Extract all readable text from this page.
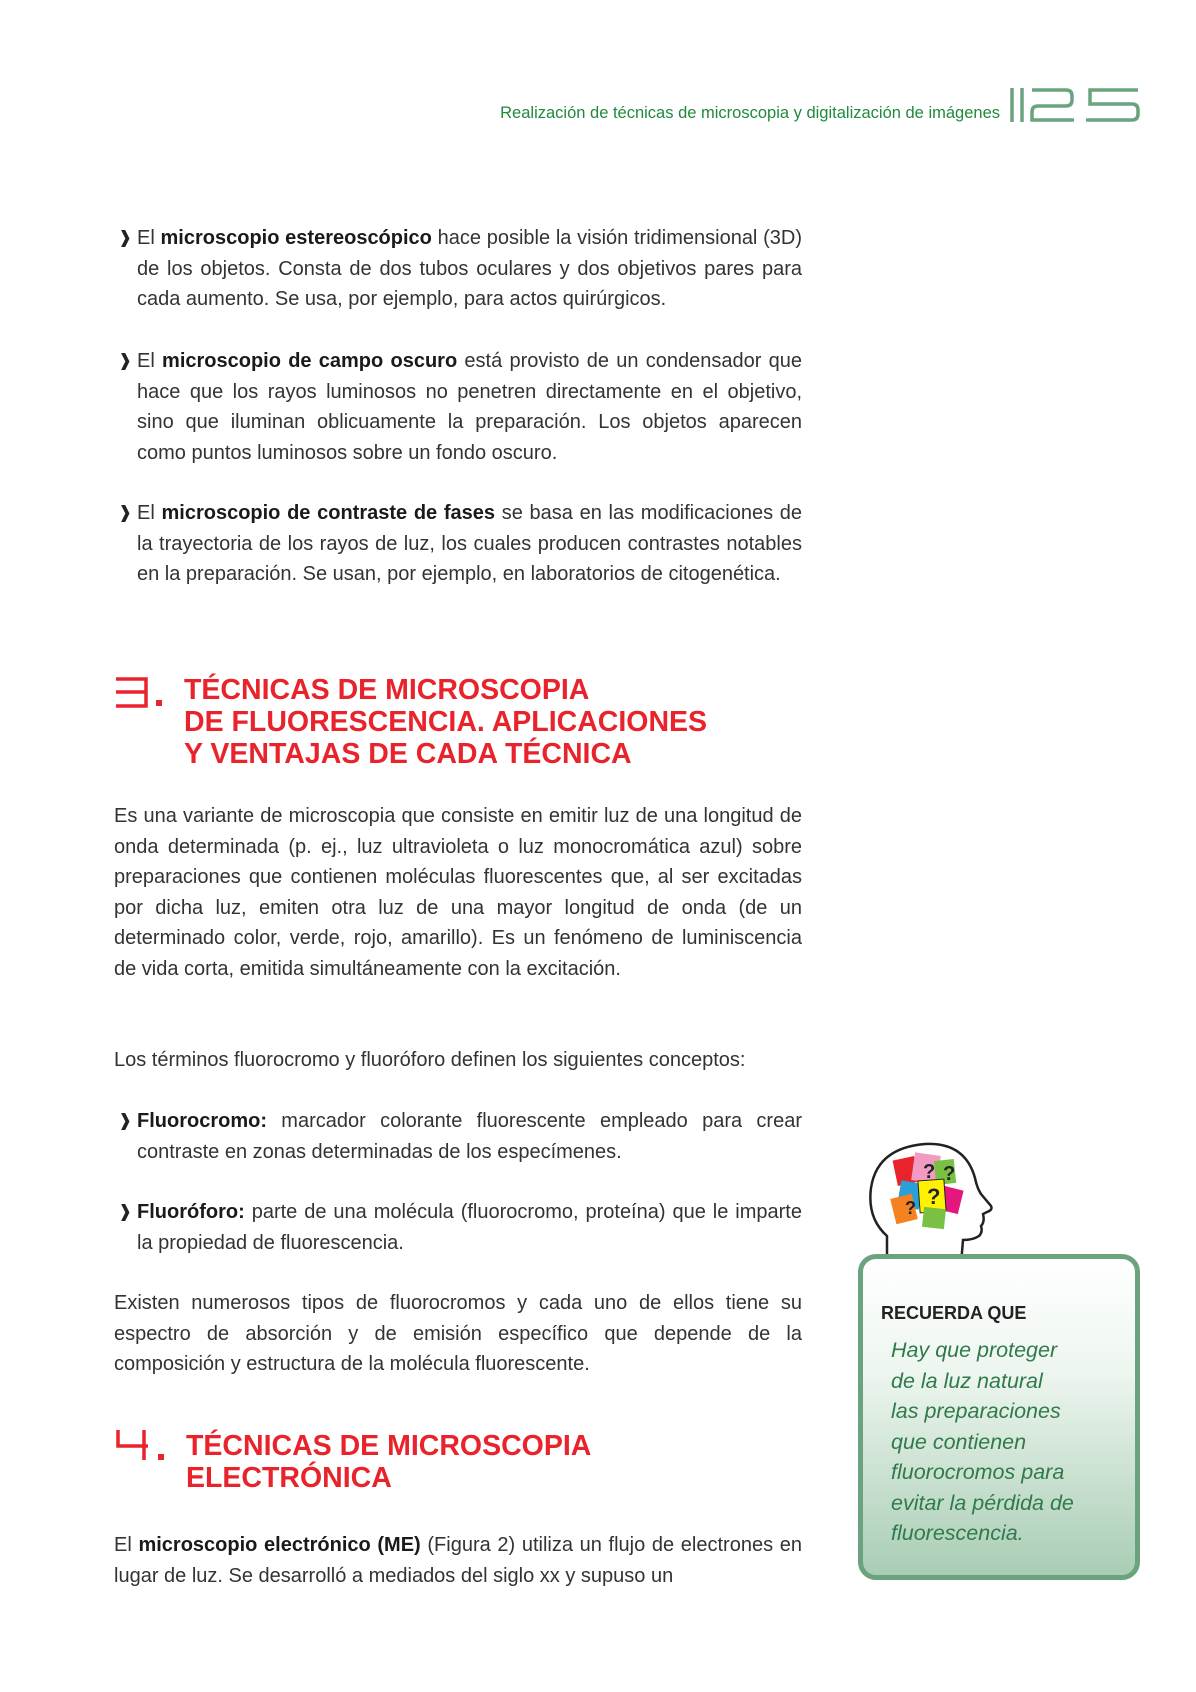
Realización de técnicas de microscopia y digitalización de imágenes

❱ El microscopio estereoscópico hace posible la visión tridimensional (3D) de los objetos. Consta de dos tubos oculares y dos objetivos pares para cada aumento. Se usa, por ejemplo, para actos quirúrgicos.

❱ El microscopio de campo oscuro está provisto de un condensador que hace que los rayos luminosos no penetren directamente en el objetivo, sino que iluminan oblicuamente la preparación. Los objetos aparecen como puntos luminosos sobre un fondo oscuro.

❱ El microscopio de contraste de fases se basa en las modificaciones de la trayectoria de los rayos de luz, los cuales producen contrastes notables en la preparación. Se usan, por ejemplo, en laboratorios de citogenética.

TÉCNICAS DE MICROSCOPIA
DE FLUORESCENCIA. APLICACIONES
Y VENTAJAS DE CADA TÉCNICA

Es una variante de microscopia que consiste en emitir luz de una longitud de onda determinada (p. ej., luz ultravioleta o luz monocromática azul) sobre preparaciones que contienen moléculas fluorescentes que, al ser excitadas por dicha luz, emiten otra luz de una mayor longitud de onda (de un determinado color, verde, rojo, amarillo). Es un fenómeno de luminiscencia de vida corta, emitida simultáneamente con la excitación.

Los términos fluorocromo y fluoróforo definen los siguientes conceptos:

❱ Fluorocromo: marcador colorante fluorescente empleado para crear contraste en zonas determinadas de los especímenes.

❱ Fluoróforo: parte de una molécula (fluorocromo, proteína) que le imparte la propiedad de fluorescencia.

Existen numerosos tipos de fluorocromos y cada uno de ellos tiene su espectro de absorción y de emisión específico que depende de la composición y estructura de la molécula fluorescente.

TÉCNICAS DE MICROSCOPIA
ELECTRÓNICA

El microscopio electrónico (ME) (Figura 2) utiliza un flujo de electrones en lugar de luz. Se desarrolló a mediados del siglo xx y supuso un

? ?
?
?
RECUERDA QUE
Hay que proteger
de la luz natural
las preparaciones
que contienen
fluorocromos para
evitar la pérdida de
fluorescencia.
